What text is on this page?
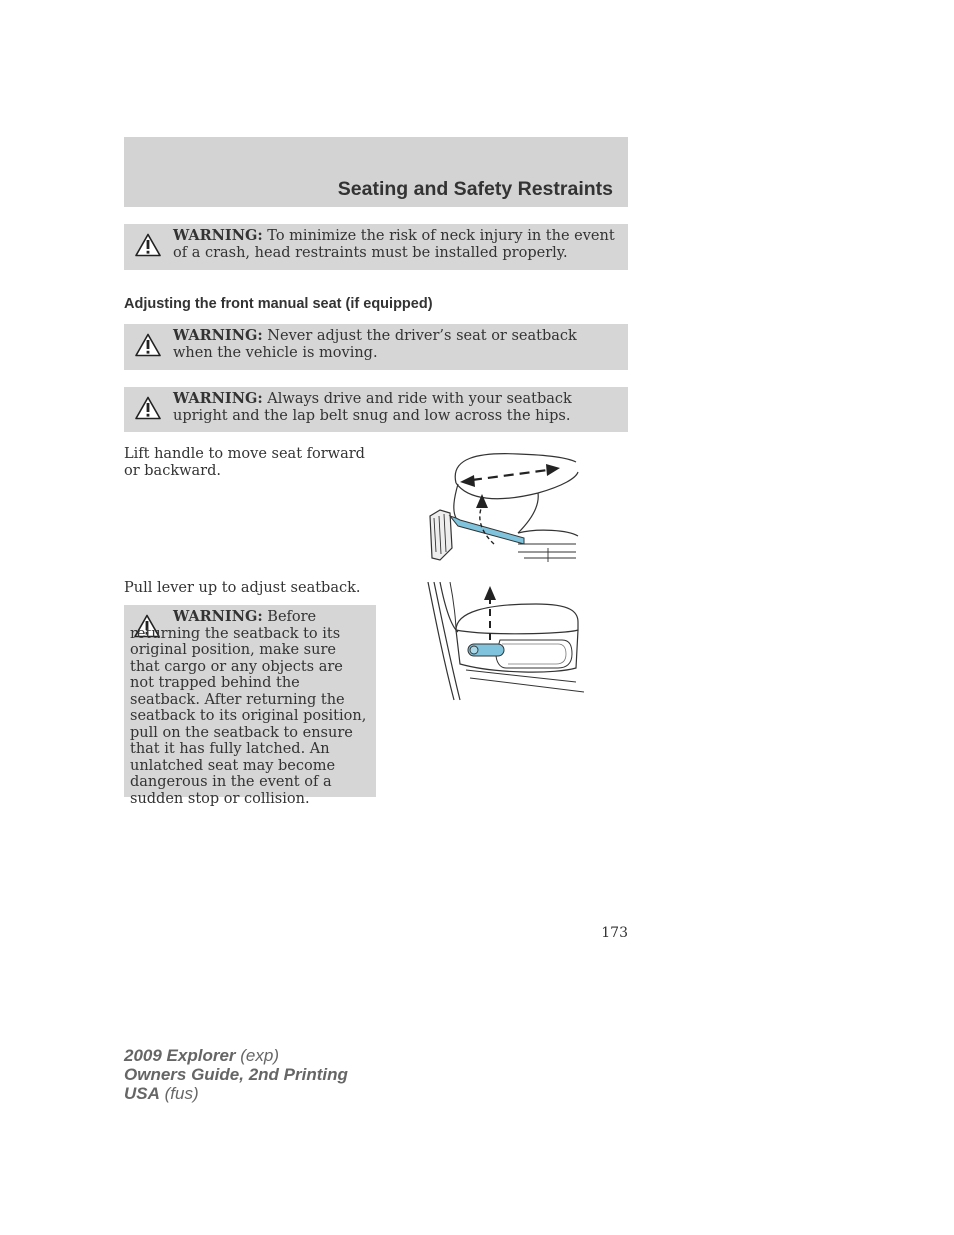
Seating and Safety Restraints
WARNING: To minimize the risk of neck injury in the event of a crash, head restraints must be installed properly.
Adjusting the front manual seat (if equipped)
WARNING: Never adjust the driver’s seat or seatback when the vehicle is moving.
WARNING: Always drive and ride with your seatback upright and the lap belt snug and low across the hips.
Lift handle to move seat forward or backward.
Pull lever up to adjust seatback.
WARNING: Before returning the seatback to its original position, make sure that cargo or any objects are not trapped behind the seatback. After returning the seatback to its original position, pull on the seatback to ensure that it has fully latched. An unlatched seat may become dangerous in the event of a sudden stop or collision.
173
2009 Explorer (exp)
Owners Guide, 2nd Printing
USA (fus)
